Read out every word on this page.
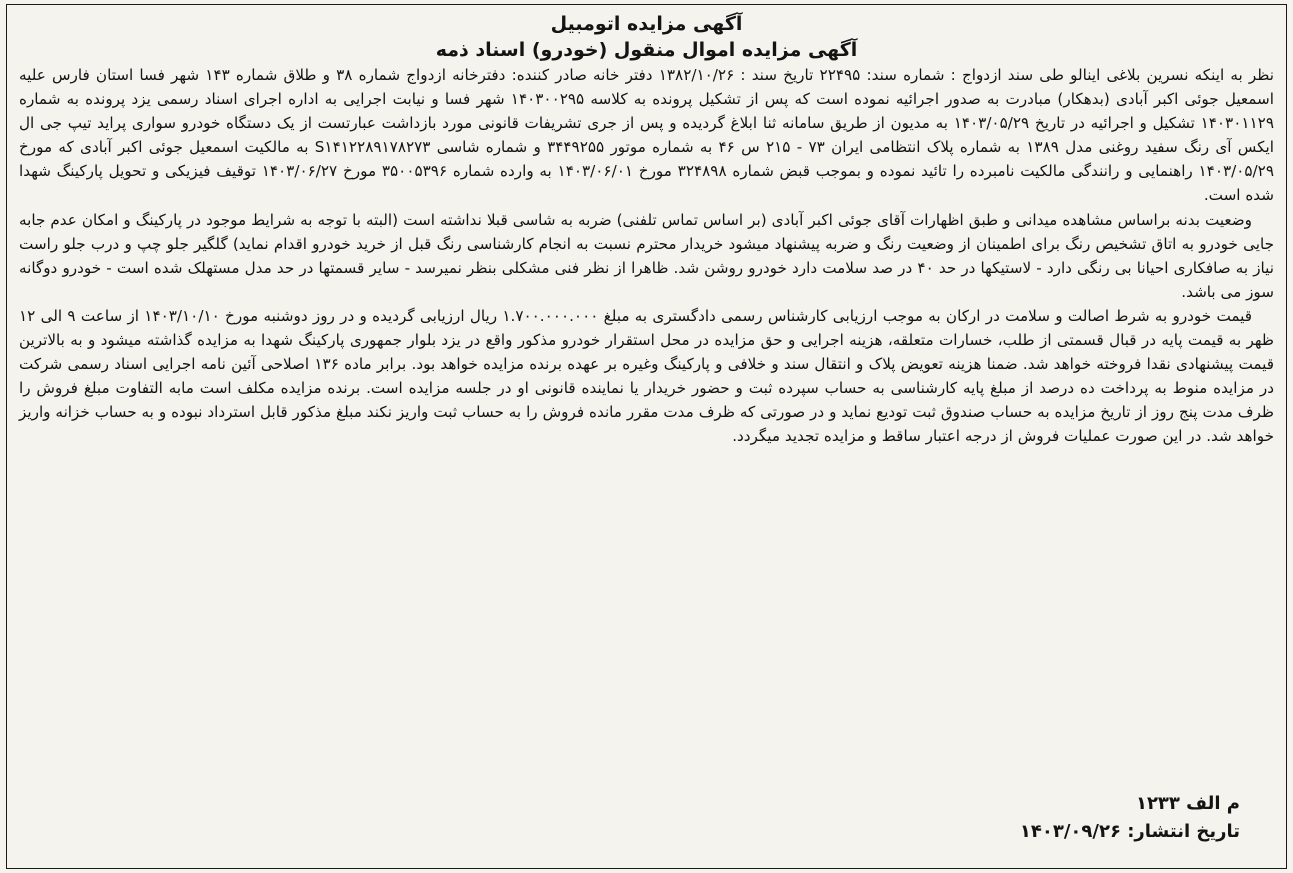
آگهی مزایده اتومبیل
آگهی مزایده اموال منقول (خودرو) اسناد ذمه

نظر به اینکه نسرین بلاغی اینالو طی سند ازدواج : شماره سند: ۲۲۴۹۵ تاریخ سند : ۱۳۸۲/۱۰/۲۶ دفتر خانه صادر کننده: دفترخانه ازدواج شماره ۳۸ و طلاق شماره ۱۴۳ شهر فسا استان فارس علیه اسمعیل جوئی اکبر آبادی (بدهکار) مبادرت به صدور اجرائیه نموده است که پس از تشکیل پرونده به کلاسه ۱۴۰۳۰۰۲۹۵ شهر فسا و نیابت اجرایی به اداره اجرای اسناد رسمی یزد پرونده به شماره ۱۴۰۳۰۱۱۲۹ تشکیل و اجرائیه در تاریخ ۱۴۰۳/۰۵/۲۹ به مدیون از طریق سامانه ثنا ابلاغ گردیده و پس از جری تشریفات قانونی مورد بازداشت عبارتست از یک دستگاه خودرو سواری پراید تیپ جی ال ایکس آی رنگ سفید روغنی مدل ۱۳۸۹ به شماره پلاک انتظامی ایران ۷۳ - ۲۱۵ س ۴۶ به شماره موتور ۳۴۴۹۲۵۵ و شماره شاسی S۱۴۱۲۲۸۹۱۷۸۲۷۳ به مالکیت اسمعیل جوئی اکبر آبادی که مورخ ۱۴۰۳/۰۵/۲۹ راهنمایی و رانندگی مالکیت نامبرده را تائید نموده و بموجب قبض شماره ۳۲۴۸۹۸ مورخ ۱۴۰۳/۰۶/۰۱ به وارده شماره ۳۵۰۰۵۳۹۶ مورخ ۱۴۰۳/۰۶/۲۷ توقیف فیزیکی و تحویل پارکینگ شهدا شده است.

وضعیت بدنه براساس مشاهده میدانی و طبق اظهارات آقای جوئی اکبر آبادی (بر اساس تماس تلفنی) ضربه به شاسی قبلا نداشته است (البته با توجه به شرایط موجود در پارکینگ و امکان عدم جابه جایی خودرو به اتاق تشخیص رنگ برای اطمینان از وضعیت رنگ و ضربه پیشنهاد میشود خریدار محترم نسبت به انجام کارشناسی رنگ قبل از خرید خودرو اقدام نماید) گلگیر جلو چپ و درب جلو راست نیاز به صافکاری احیانا بی رنگی دارد - لاستیکها در حد ۴۰ در صد سلامت دارد خودرو روشن شد. ظاهرا از نظر فنی مشکلی بنظر نمیرسد - سایر قسمتها در حد مدل مستهلک شده است - خودرو دوگانه سوز می باشد.

قیمت خودرو به شرط اصالت و سلامت در ارکان به موجب ارزیابی کارشناس رسمی دادگستری به مبلغ ۱.۷۰۰.۰۰۰.۰۰۰ ریال ارزیابی گردیده و در روز دوشنبه مورخ ۱۴۰۳/۱۰/۱۰ از ساعت ۹ الی ۱۲ ظهر به قیمت پایه در قبال قسمتی از طلب، خسارات متعلقه، هزینه اجرایی و حق مزایده در محل استقرار خودرو مذکور واقع در یزد بلوار جمهوری پارکینگ شهدا به مزایده گذاشته میشود و به بالاترین قیمت پیشنهادی نقدا فروخته خواهد شد. ضمنا هزینه تعویض پلاک و انتقال سند و خلافی و پارکینگ وغیره بر عهده برنده مزایده خواهد بود. برابر ماده ۱۳۶ اصلاحی آئین نامه اجرایی اسناد رسمی شرکت در مزایده منوط به پرداخت ده درصد از مبلغ پایه کارشناسی به حساب سپرده ثبت و حضور خریدار یا نماینده قانونی او در جلسه مزایده است. برنده مزایده مکلف است مابه التفاوت مبلغ فروش را ظرف مدت پنج روز از تاریخ مزایده به حساب صندوق ثبت تودیع نماید و در صورتی که ظرف مدت مقرر مانده فروش را به حساب ثبت واریز نکند مبلغ مذکور قابل استرداد نبوده و به حساب خزانه واریز خواهد شد. در این صورت عملیات فروش از درجه اعتبار ساقط و مزایده تجدید میگردد.

م الف ۱۲۳۳
تاریخ انتشار: ۱۴۰۳/۰۹/۲۶
